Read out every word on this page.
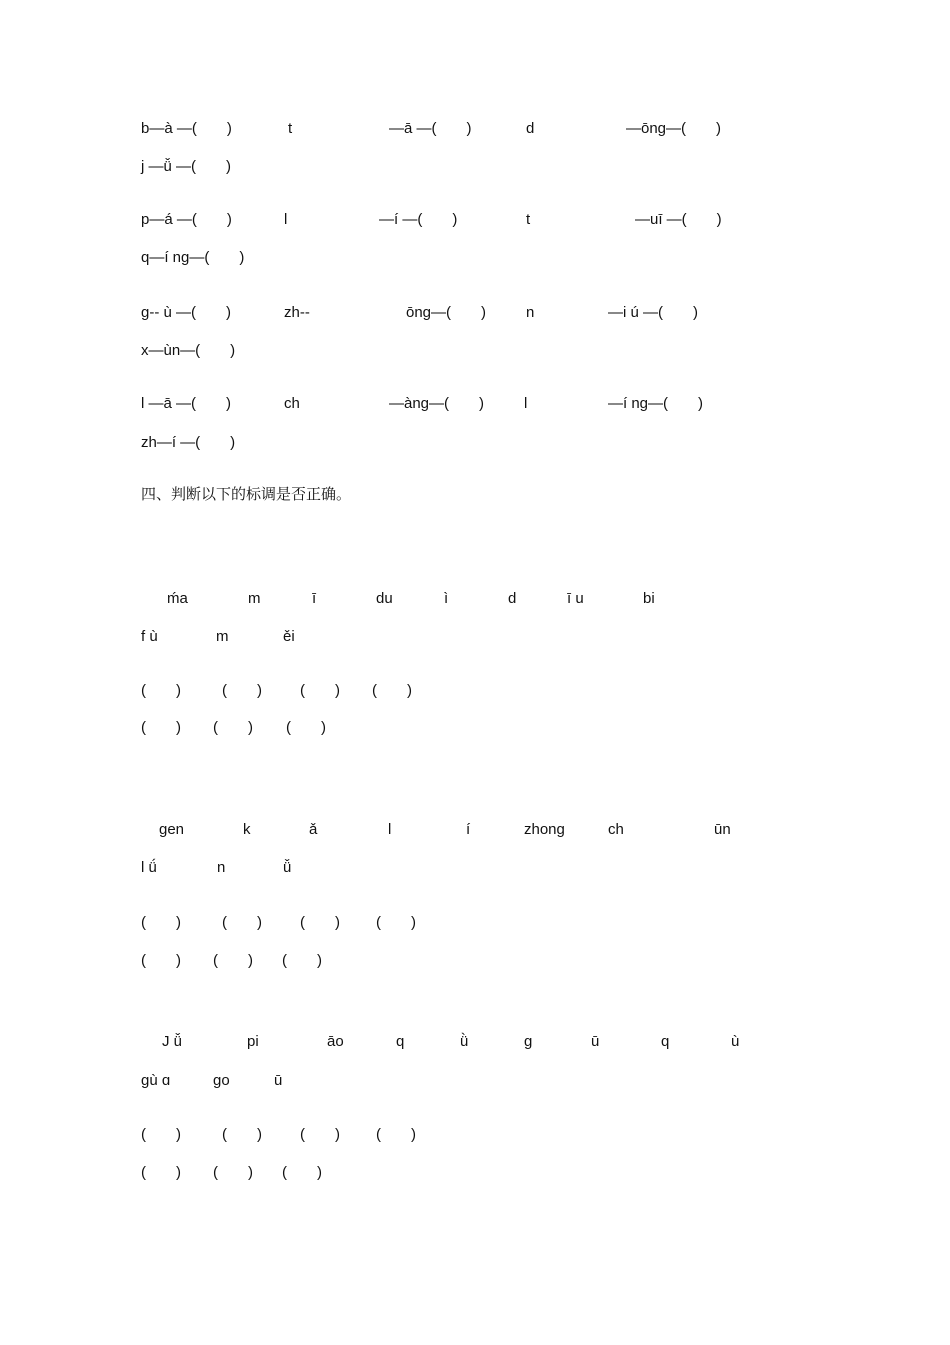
b—à —(　　)	t	—ā —(　　)	d	—ōng—(　　)
j —ǚ —(　　)
p—á —(　　)	l	—í —(　　)	t	—uī —(　　)
q—í ng—(　　)
g-- ù —(　　)	zh--	ōng—(　　)	n	—i ú —(　　)
x—ùn—(　　)
l —ā —(　　)	ch	—àng—(　　)	l	—í ng—(　　)
zh—í —(　　)
四、判断以下的标调是否正确。
ḿa	m	ī	du	ì	d	ī u	bi
f ù	m	ěi
(　　)	(　　)	(　　) (　　)
(　　) (　　) (　　)
gen	k	ǎ	l	í	zhong	ch	ūn
l ǘ	n	ǚ
(　　)	(　　)	(　　) (　　)
(　　) (　　) (　　)
J ǚ	pi	āo	q	ǜ	g	ū	q	ù
gù ɑ	go	ū
(　　)	(　　)	(　　) (　　)
(　　) (　　) (　　)
